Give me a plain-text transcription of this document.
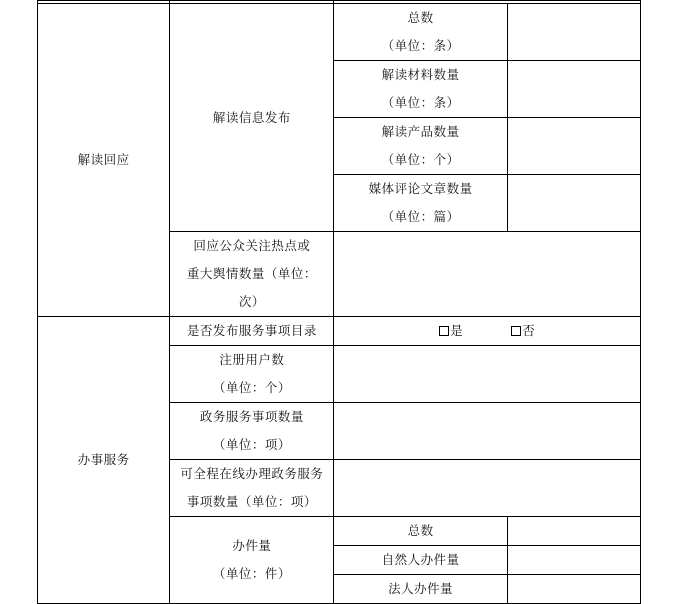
解读回应	解读信息发布	总数
（单位：条）	

		解读材料数量
（单位：条）	

		解读产品数量
（单位：个）	

		媒体评论文章数量
（单位：篇）	

	回应公众关注热点或
重大舆情数量（单位：
次）		

办事服务	是否发布服务事项目录	是 否	

	注册用户数
（单位：个）		

	政务服务事项数量
（单位：项）		

	可全程在线办理政务服务
事项数量（单位：项）		

	办件量
（单位：件）	总数	
		自然人办件量	
		法人办件量	
